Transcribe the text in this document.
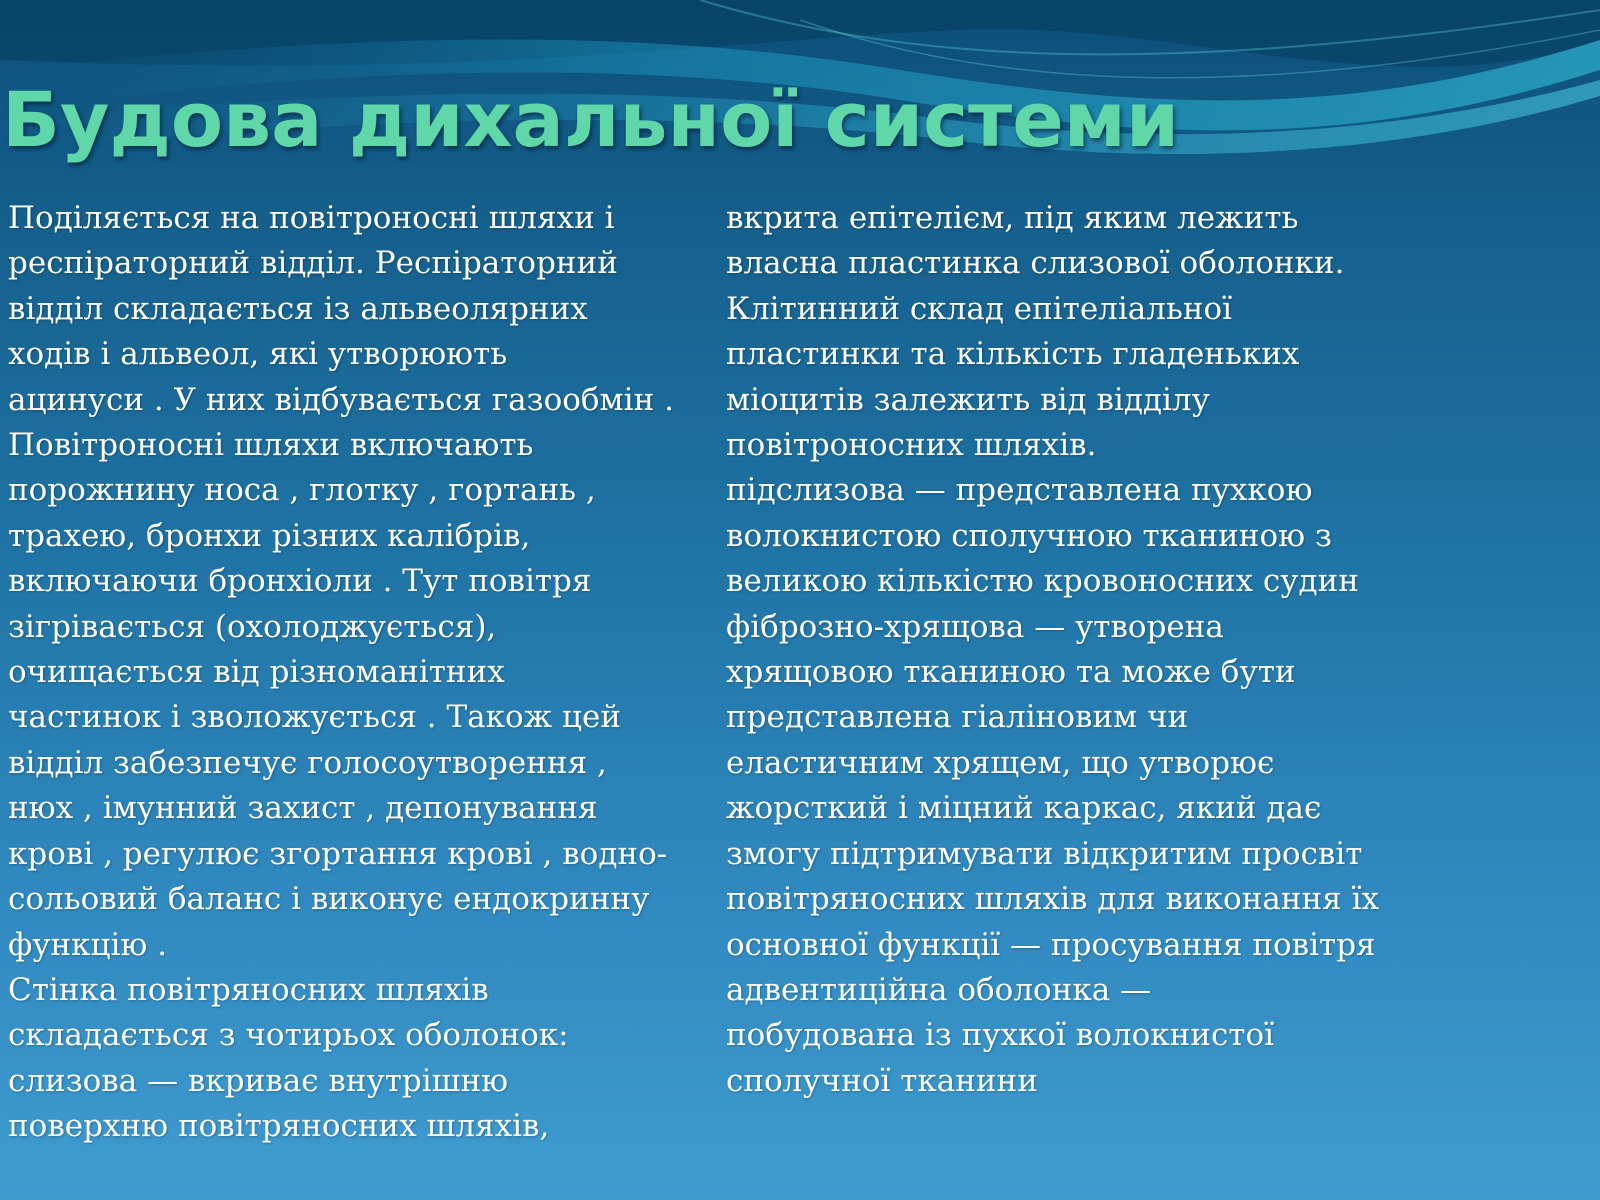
Будова дихальної системи
Поділяється на повітроносні шляхи і
респіраторний відділ. Респіраторний
відділ складається із альвеолярних
ходів і альвеол, які утворюють
ацинуси . У них відбувається газообмін .
Повітроносні шляхи включають
порожнину носа , глотку , гортань ,
трахею, бронхи різних калібрів,
включаючи бронхіоли . Тут повітря
зігрівається (охолоджується),
очищається від різноманітних
частинок і зволожується . Також цей
відділ забезпечує голосоутворення ,
нюх , імунний захист , депонування
крові , регулює згортання крові , водно-
сольовий баланс і виконує ендокринну
функцію .
Стінка повітряносних шляхів
складається з чотирьох оболонок:
слизова — вкриває внутрішню
поверхню повітряносних шляхів,
вкрита епітелієм, під яким лежить
власна пластинка слизової оболонки.
Клітинний склад епітеліальної
пластинки та кількість гладеньких
міоцитів залежить від відділу
повітроносних шляхів.
підслизова — представлена пухкою
волокнистою сполучною тканиною з
великою кількістю кровоносних судин
фіброзно-хрящова — утворена
хрящовою тканиною та може бути
представлена гіаліновим чи
еластичним хрящем, що утворює
жорсткий і міцний каркас, який дає
змогу підтримувати відкритим просвіт
повітряносних шляхів для виконання їх
основної функції — просування повітря
адвентиційна оболонка —
побудована із пухкої волокнистої
сполучної тканини
